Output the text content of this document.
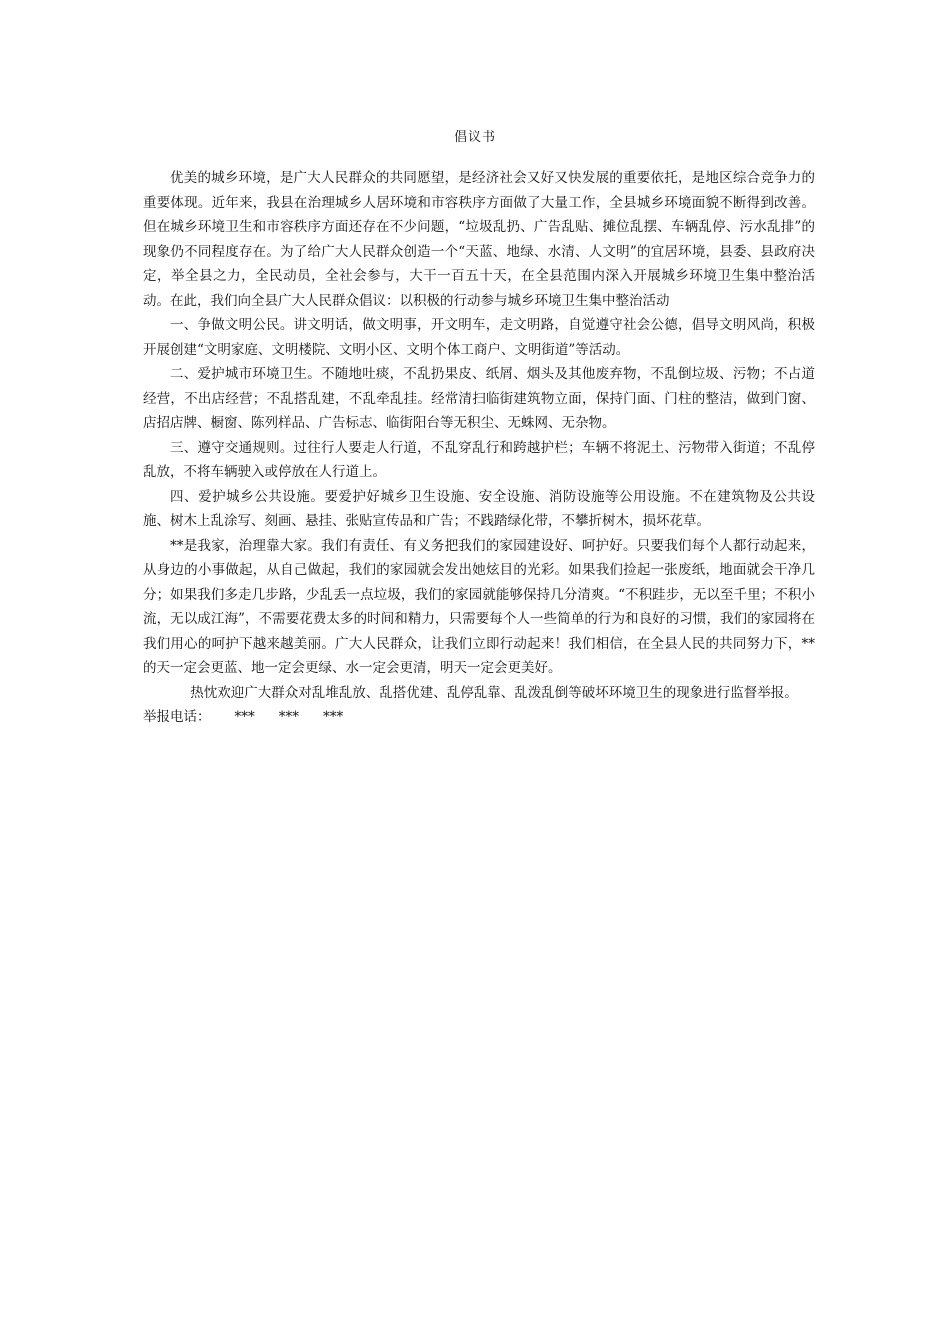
倡议书

优美的城乡环境，是广大人民群众的共同愿望，是经济社会又好又快发展的重要依托，是地区综合竞争力的重要体现。近年来，我县在治理城乡人居环境和市容秩序方面做了大量工作，全县城乡环境面貌不断得到改善。但在城乡环境卫生和市容秩序方面还存在不少问题，“垃圾乱扔、广告乱贴、摊位乱摆、车辆乱停、污水乱排”的现象仍不同程度存在。为了给广大人民群众创造一个“天蓝、地绿、水清、人文明”的宜居环境，县委、县政府决定，举全县之力，全民动员，全社会参与，大干一百五十天，在全县范围内深入开展城乡环境卫生集中整治活动。在此，我们向全县广大人民群众倡议：以积极的行动参与城乡环境卫生集中整治活动

一、争做文明公民。讲文明话，做文明事，开文明车，走文明路，自觉遵守社会公德，倡导文明风尚，积极开展创建“文明家庭、文明楼院、文明小区、文明个体工商户、文明街道”等活动。

二、爱护城市环境卫生。不随地吐痰，不乱扔果皮、纸屑、烟头及其他废弃物，不乱倒垃圾、污物；不占道经营，不出店经营；不乱搭乱建，不乱牵乱挂。经常清扫临街建筑物立面，保持门面、门柱的整洁，做到门窗、店招店牌、橱窗、陈列样品、广告标志、临街阳台等无积尘、无蛛网、无杂物。

三、遵守交通规则。过往行人要走人行道，不乱穿乱行和跨越护栏；车辆不将泥土、污物带入街道；不乱停乱放，不将车辆驶入或停放在人行道上。

四、爱护城乡公共设施。要爱护好城乡卫生设施、安全设施、消防设施等公用设施。不在建筑物及公共设施、树木上乱涂写、刻画、悬挂、张贴宣传品和广告；不践踏绿化带，不攀折树木，损坏花草。

**是我家，治理靠大家。我们有责任、有义务把我们的家园建设好、呵护好。只要我们每个人都行动起来，从身边的小事做起，从自己做起，我们的家园就会发出她炫目的光彩。如果我们捡起一张废纸，地面就会干净几分；如果我们多走几步路，少乱丢一点垃圾，我们的家园就能够保持几分清爽。“不积跬步，无以至千里；不积小流，无以成江海”，不需要花费太多的时间和精力，只需要每个人一些简单的行为和良好的习惯，我们的家园将在我们用心的呵护下越来越美丽。广大人民群众，让我们立即行动起来！我们相信，在全县人民的共同努力下，**的天一定会更蓝、地一定会更绿、水一定会更清，明天一定会更美好。

热忱欢迎广大群众对乱堆乱放、乱搭优建、乱停乱靠、乱泼乱倒等破坏环境卫生的现象进行监督举报。

举报电话： *** *** ***
